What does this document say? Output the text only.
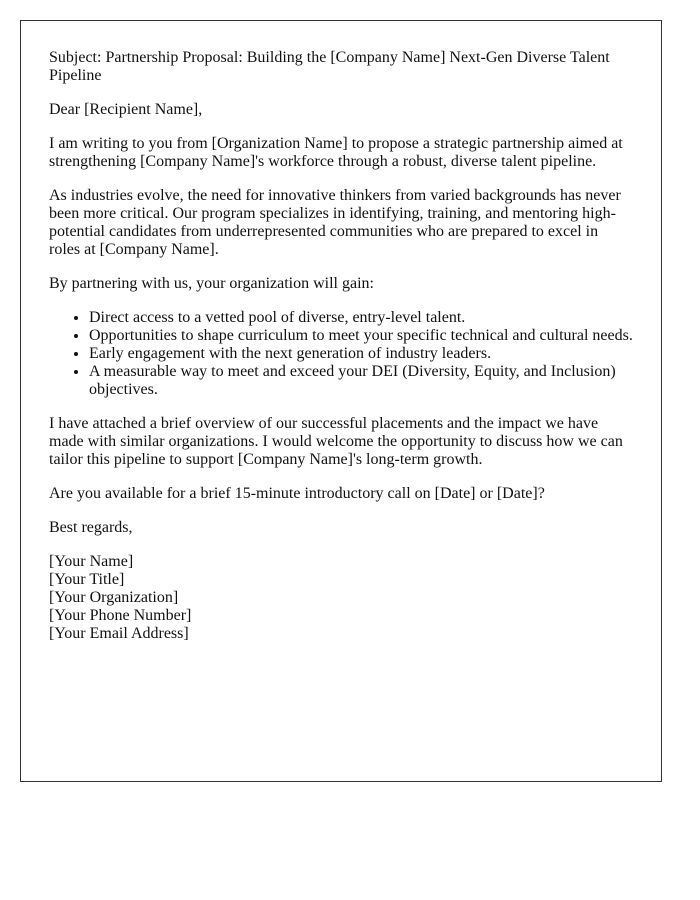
Subject: Partnership Proposal: Building the [Company Name] Next-Gen Diverse Talent Pipeline

Dear [Recipient Name],

I am writing to you from [Organization Name] to propose a strategic partnership aimed at strengthening [Company Name]'s workforce through a robust, diverse talent pipeline.

As industries evolve, the need for innovative thinkers from varied backgrounds has never been more critical. Our program specializes in identifying, training, and mentoring high-potential candidates from underrepresented communities who are prepared to excel in roles at [Company Name].

By partnering with us, your organization will gain:

• Direct access to a vetted pool of diverse, entry-level talent.
• Opportunities to shape curriculum to meet your specific technical and cultural needs.
• Early engagement with the next generation of industry leaders.
• A measurable way to meet and exceed your DEI (Diversity, Equity, and Inclusion) objectives.

I have attached a brief overview of our successful placements and the impact we have made with similar organizations. I would welcome the opportunity to discuss how we can tailor this pipeline to support [Company Name]'s long-term growth.

Are you available for a brief 15-minute introductory call on [Date] or [Date]?

Best regards,

[Your Name]

[Your Title]

[Your Organization]

[Your Phone Number]

[Your Email Address]
